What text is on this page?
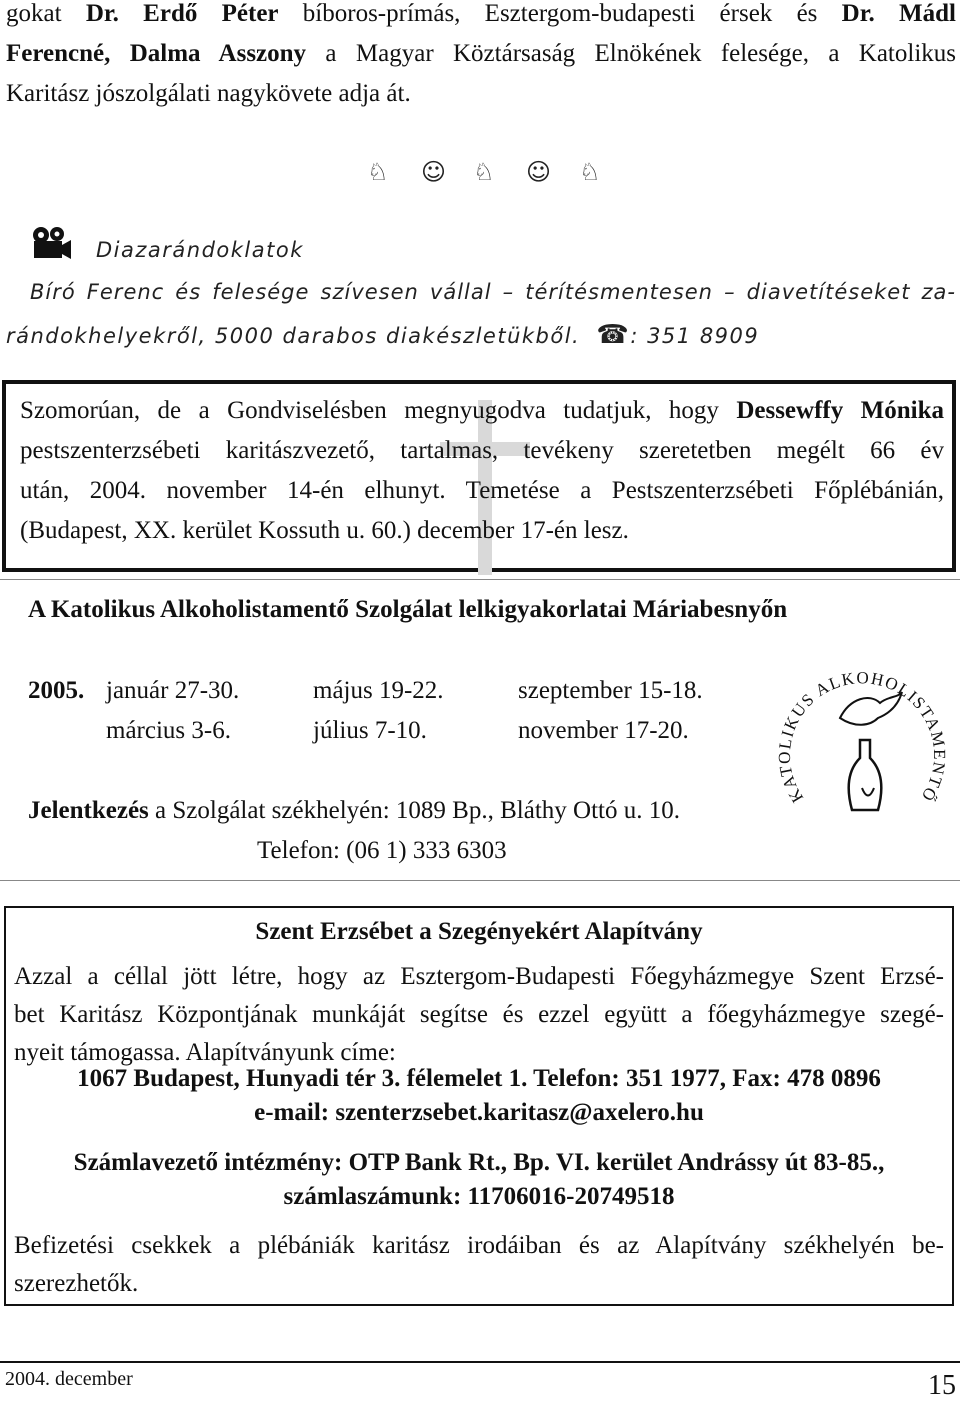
gokat Dr. Erdő Péter bíboros-prímás, Esztergom-budapesti érsek és Dr. Mádl
Ferencné, Dalma Asszony a Magyar Köztársaság Elnökének felesége, a Katolikus
Karitász jószolgálati nagykövete adja át.
♘ ☺ ♘ ☺ ♘
Diazarándoklatok
Bíró Ferenc és felesége szívesen vállal – térítésmentesen – diavetítéseket za-
rándokhelyekről, 5000 darabos diakészletükből. ☎: 351 8909
Szomorúan, de a Gondviselésben megnyugodva tudatjuk, hogy Dessewffy Mónika
pestszenterzsébeti karitászvezető, tartalmas, tevékeny szeretetben megélt 66 év
után, 2004. november 14-én elhunyt. Temetése a Pestszenterzsébeti Főplébánián,
(Budapest, XX. kerület Kossuth u. 60.) december 17-én lesz.
A Katolikus Alkoholistamentő Szolgálat lelkigyakorlatai Máriabesnyőn
2005. január 27-30.	május 19-22.	szeptember 15-18.
március 3-6.	július 7-10.	november 17-20.
Jelentkezés a Szolgálat székhelyén: 1089 Bp., Bláthy Ottó u. 10.
Telefon: (06 1) 333 6303
KATOLIKUS ALKOHOLISTAMENTŐ
Szent Erzsébet a Szegényekért Alapítvány
Azzal a céllal jött létre, hogy az Esztergom-Budapesti Főegyházmegye Szent Erzsé-
bet Karitász Központjának munkáját segítse és ezzel együtt a főegyházmegye szegé-
nyeit támogassa. Alapítványunk címe:
1067 Budapest, Hunyadi tér 3. félemelet 1. Telefon: 351 1977, Fax: 478 0896
e-mail: szenterzsebet.karitasz@axelero.hu
Számlavezető intézmény: OTP Bank Rt., Bp. VI. kerület Andrássy út 83-85.,
számlaszámunk: 11706016-20749518
Befizetési csekkek a plébániák karitász irodáiban és az Alapítvány székhelyén be-
szerezhetők.
2004. december	15
